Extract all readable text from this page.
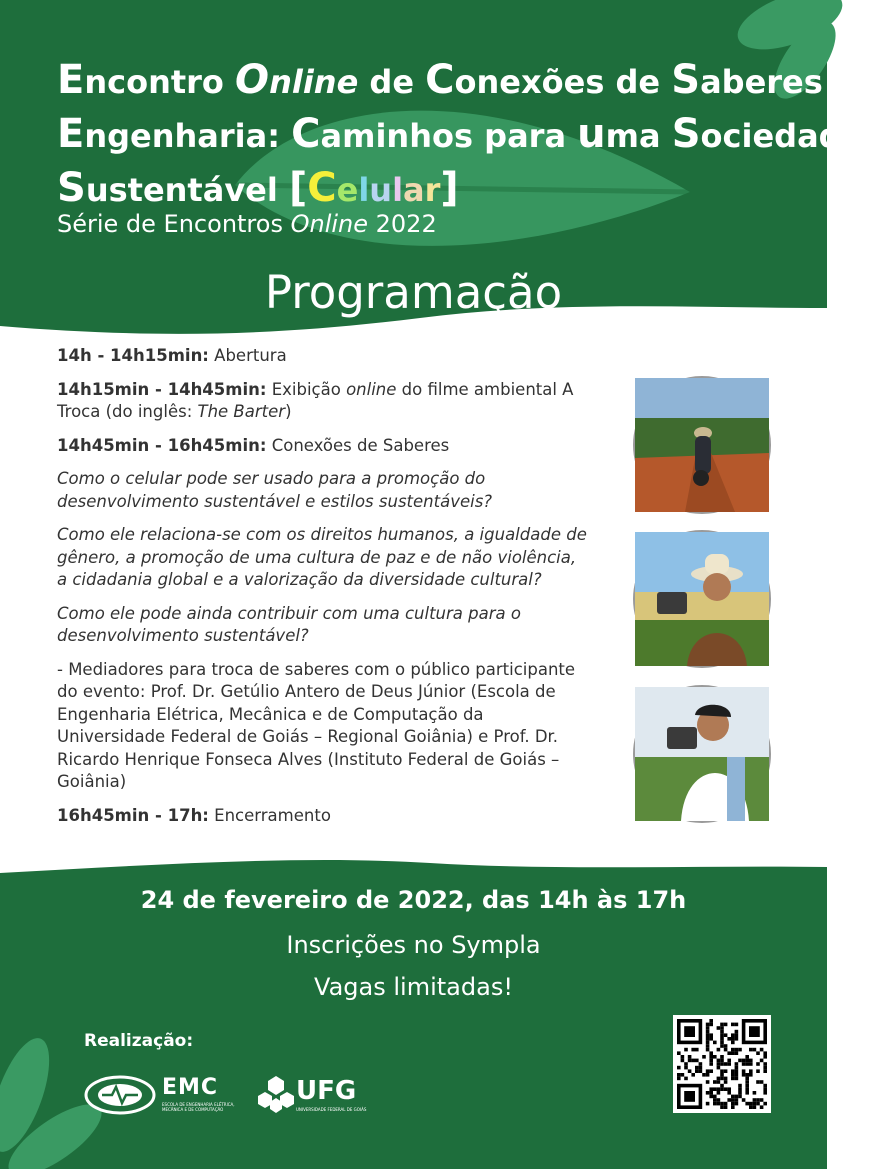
Encontro Online de Conexões de Saberes na
Engenharia: Caminhos para uma Sociedade
Sustentável [Celular]
Série de Encontros Online 2022
Programação

14h - 14h15min: Abertura

14h15min - 14h45min: Exibição online do filme ambiental A Troca (do inglês: The Barter)

14h45min - 16h45min: Conexões de Saberes

Como o celular pode ser usado para a promoção do desenvolvimento sustentável e estilos sustentáveis?

Como ele relaciona-se com os direitos humanos, a igualdade de gênero, a promoção de uma cultura de paz e de não violência, a cidadania global e a valorização da diversidade cultural?

Como ele pode ainda contribuir com uma cultura para o desenvolvimento sustentável?

- Mediadores para troca de saberes com o público participante do evento: Prof. Dr. Getúlio Antero de Deus Júnior (Escola de Engenharia Elétrica, Mecânica e de Computação da Universidade Federal de Goiás – Regional Goiânia) e Prof. Dr. Ricardo Henrique Fonseca Alves (Instituto Federal de Goiás – Goiânia)

16h45min - 17h: Encerramento

24 de fevereiro de 2022, das 14h às 17h
Inscrições no Sympla
Vagas limitadas!
Realização:
EMC
ESCOLA DE ENGENHARIA ELÉTRICA, MECÂNICA E DE COMPUTAÇÃO
UFG
UNIVERSIDADE FEDERAL DE GOIÁS
